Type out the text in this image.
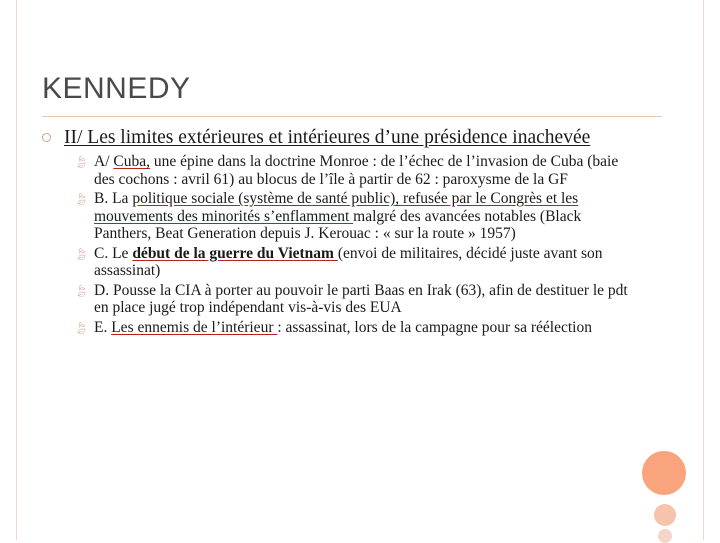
KENNEDY
II/ Les limites extérieures et intérieures d’une présidence inachevée
🍃︎ A/ Cuba, une épine dans la doctrine Monroe : de l’échec de l’invasion de Cuba (baie des cochons : avril 61) au blocus de l’île à partir de 62 : paroxysme de la GF
🍃︎ B. La politique sociale (système de santé public), refusée par le Congrès et les mouvements des minorités s’enflamment malgré des avancées notables (Black Panthers, Beat Generation depuis J. Kerouac : « sur la route » 1957)
🍃︎ C. Le début de la guerre du Vietnam (envoi de militaires, décidé juste avant son assassinat)
🍃︎ D. Pousse la CIA à porter au pouvoir le parti Baas en Irak (63), afin de destituer le pdt en place jugé trop indépendant vis-à-vis des EUA
🍃︎ E. Les ennemis de l’intérieur : assassinat, lors de la campagne pour sa réélection
